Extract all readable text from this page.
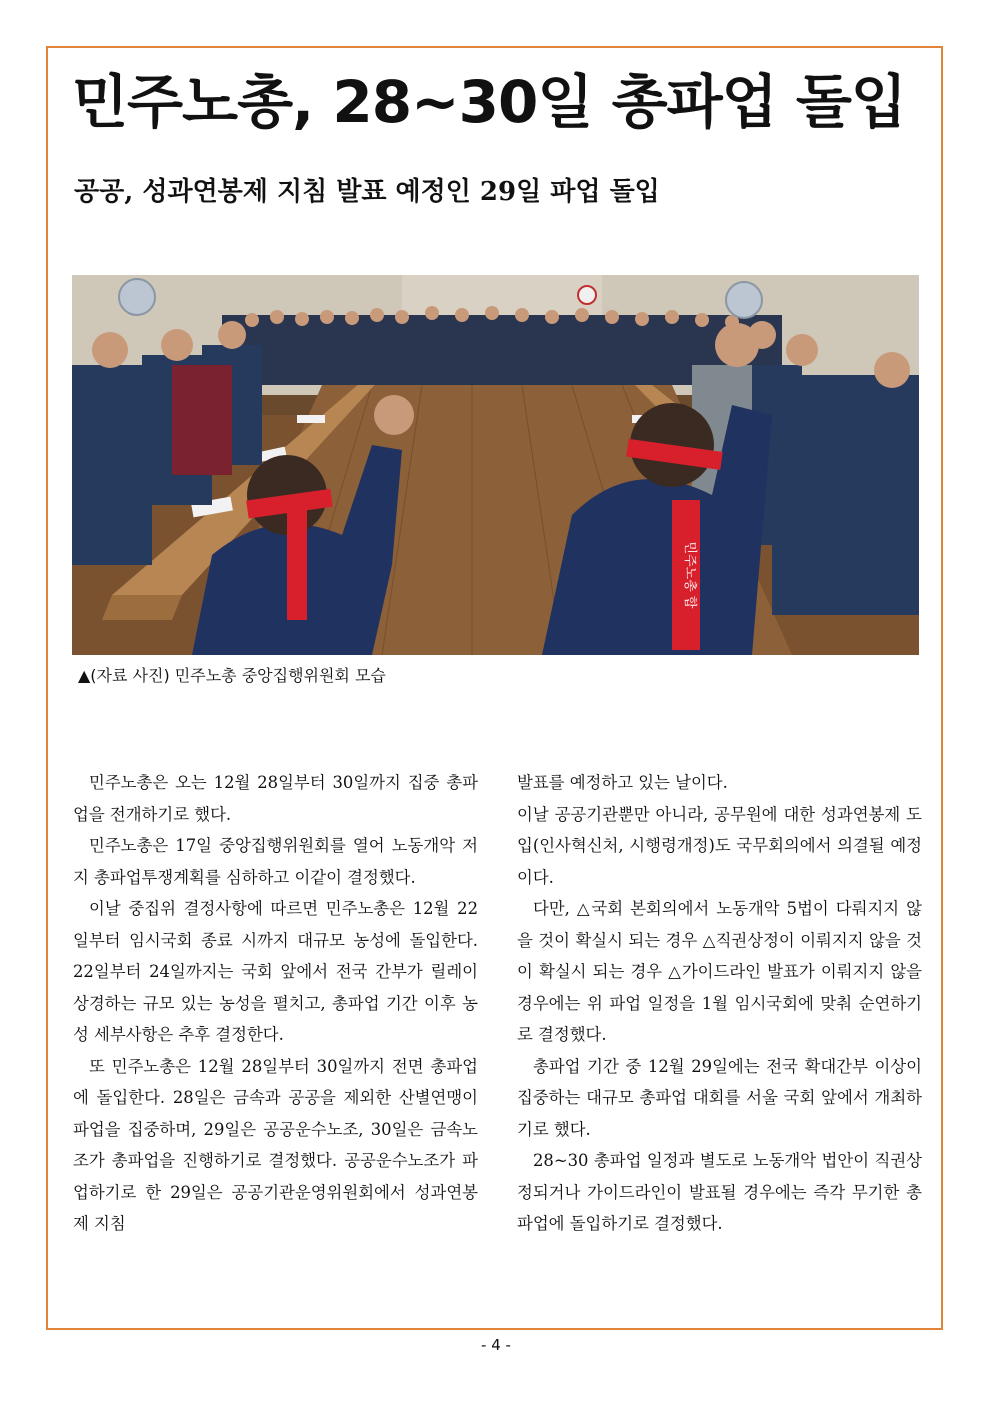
민주노총, 28~30일 총파업 돌입
공공, 성과연봉제 지침 발표 예정인 29일 파업 돌입
민주노총 합
▲(자료 사진) 민주노총 중앙집행위원회 모습

민주노총은 오는 12월 28일부터 30일까지 집중 총파업을 전개하기로 했다.

민주노총은 17일 중앙집행위원회를 열어 노동개악 저지 총파업투쟁계획를 심하하고 이같이 결정했다.

이날 중집위 결정사항에 따르면 민주노총은 12월 22일부터 임시국회 종료 시까지 대규모 농성에 돌입한다. 22일부터 24일까지는 국회 앞에서 전국 간부가 릴레이 상경하는 규모 있는 농성을 펼치고, 총파업 기간 이후 농성 세부사항은 추후 결정한다.

또 민주노총은 12월 28일부터 30일까지 전면 총파업에 돌입한다. 28일은 금속과 공공을 제외한 산별연맹이 파업을 집중하며, 29일은 공공운수노조, 30일은 금속노조가 총파업을 진행하기로 결정했다. 공공운수노조가 파업하기로 한 29일은 공공기관운영위원회에서 성과연봉제 지침

발표를 예정하고 있는 날이다.

이날 공공기관뿐만 아니라, 공무원에 대한 성과연봉제 도입(인사혁신처, 시행령개정)도 국무회의에서 의결될 예정이다.

다만, △국회 본회의에서 노동개악 5법이 다뤄지지 않을 것이 확실시 되는 경우 △직권상정이 이뤄지지 않을 것이 확실시 되는 경우 △가이드라인 발표가 이뤄지지 않을 경우에는 위 파업 일정을 1월 임시국회에 맞춰 순연하기로 결정했다.

총파업 기간 중 12월 29일에는 전국 확대간부 이상이 집중하는 대규모 총파업 대회를 서울 국회 앞에서 개최하기로 했다.

28~30 총파업 일정과 별도로 노동개악 법안이 직권상정되거나 가이드라인이 발표될 경우에는 즉각 무기한 총파업에 돌입하기로 결정했다.

- 4 -
